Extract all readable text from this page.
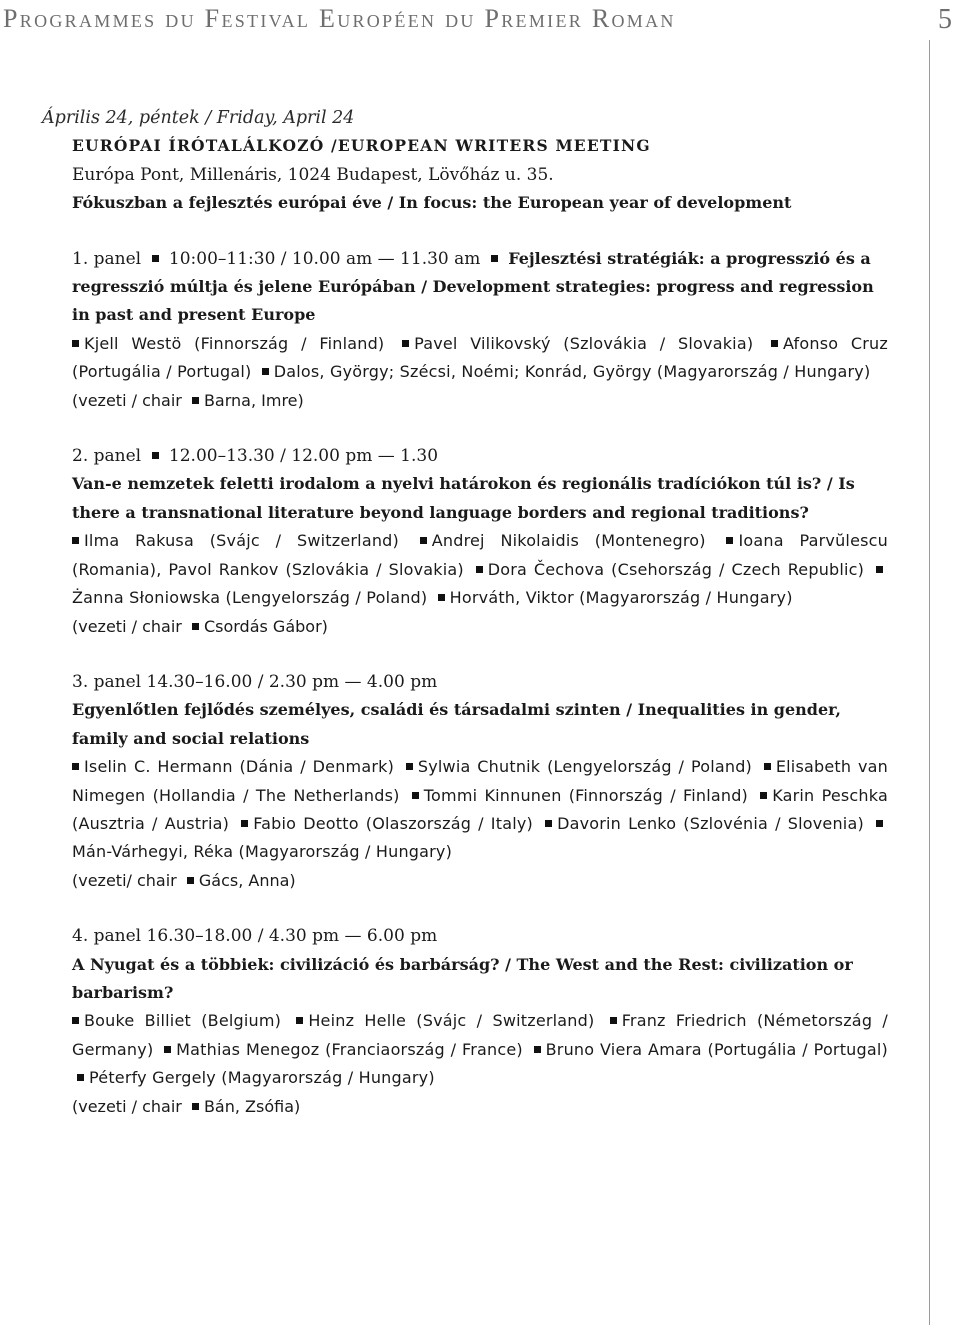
Programmes du Festival Européen du Premier Roman	5
Április 24, péntek / Friday, April 24
EURÓPAI ÍRÓTALÁLKOZÓ /EUROPEAN WRITERS MEETING
Európa Pont, Millenáris, 1024 Budapest, Lövőház u. 35.
Fókuszban a fejlesztés európai éve / In focus: the European year of development
1. panel 10:00–11:30 / 10.00 am — 11.30 am Fejlesztési stratégiák: a progresszió és a regresszió múltja és jelene Európában / Development strategies: progress and regression in past and present Europe
Kjell Westö (Finnország / Finland) Pavel Vilikovský (Szlovákia / Slovakia) Afonso Cruz (Portugália / Portugal) Dalos, György; Szécsi, Noémi; Konrád, György (Magyarország / Hungary)
(vezeti / chair Barna, Imre)
2. panel 12.00–13.30 / 12.00 pm — 1.30
Van-e nemzetek feletti irodalom a nyelvi határokon és regionális tradíciókon túl is? / Is there a transnational literature beyond language borders and regional traditions?
Ilma Rakusa (Svájc / Switzerland) Andrej Nikolaidis (Montenegro) Ioana Parvŭlescu (Romania), Pavol Rankov (Szlovákia / Slovakia) Dora Čechova (Csehország / Czech Republic) Żanna Słoniowska (Lengyelország / Poland) Horváth, Viktor (Magyarország / Hungary)
(vezeti / chair Csordás Gábor)
3. panel 14.30–16.00 / 2.30 pm — 4.00 pm
Egyenlőtlen fejlődés személyes, családi és társadalmi szinten / Inequalities in gender, family and social relations
Iselin C. Hermann (Dánia / Denmark) Sylwia Chutnik (Lengyelország / Poland) Elisabeth van Nimegen (Hollandia / The Netherlands) Tommi Kinnunen (Finnország / Finland) Karin Peschka (Ausztria / Austria) Fabio Deotto (Olaszország / Italy) Davorin Lenko (Szlovénia / Slovenia) Mán-Várhegyi, Réka (Magyarország / Hungary)
(vezeti/ chair Gács, Anna)
4. panel 16.30–18.00 / 4.30 pm — 6.00 pm
A Nyugat és a többiek: civilizáció és barbárság? / The West and the Rest: civilization or barbarism?
Bouke Billiet (Belgium) Heinz Helle (Svájc / Switzerland) Franz Friedrich (Németország / Germany) Mathias Menegoz (Franciaország / France) Bruno Viera Amara (Portugália / Portugal) Péterfy Gergely (Magyarország / Hungary)
(vezeti / chair Bán, Zsófia)
